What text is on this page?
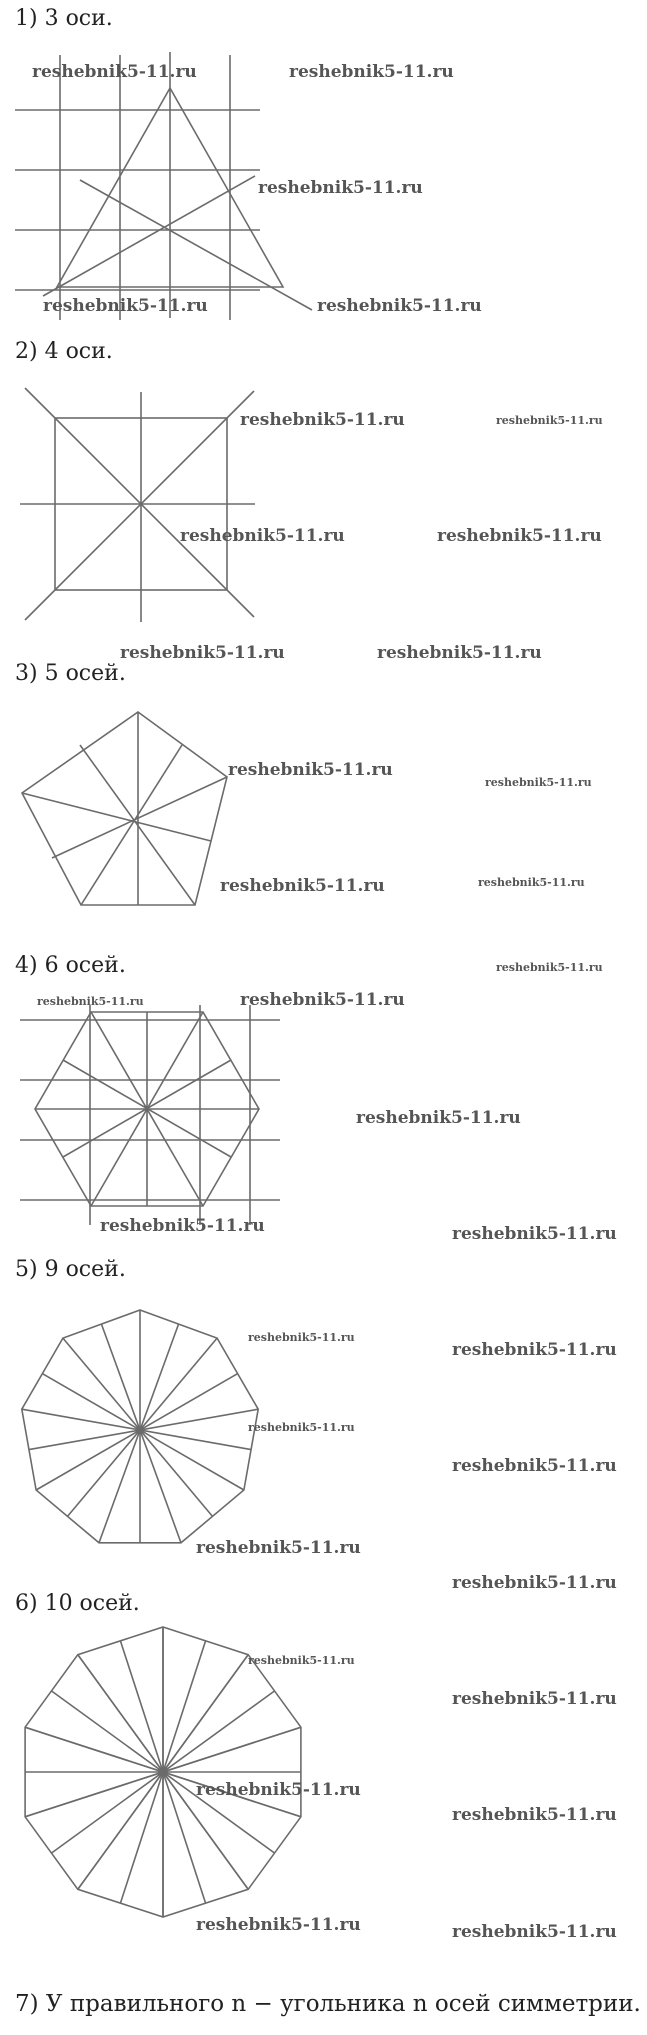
1) 3 оси.
2) 4 оси.
3) 5 осей.
4) 6 осей.
5) 9 осей.
6) 10 осей.
7) У правильного n − угольника n осей симметрии.
reshebnik5-11.ru	reshebnik5-11.ru
reshebnik5-11.ru
reshebnik5-11.ru	reshebnik5-11.ru
reshebnik5-11.ru	reshebnik5-11.ru
reshebnik5-11.ru	reshebnik5-11.ru
reshebnik5-11.ru	reshebnik5-11.ru
reshebnik5-11.ru
reshebnik5-11.ru
reshebnik5-11.ru	reshebnik5-11.ru
reshebnik5-11.ru
reshebnik5-11.ru	reshebnik5-11.ru
reshebnik5-11.ru
reshebnik5-11.ru	reshebnik5-11.ru
reshebnik5-11.ru
reshebnik5-11.ru
reshebnik5-11.ru
reshebnik5-11.ru
reshebnik5-11.ru
reshebnik5-11.ru
reshebnik5-11.ru
reshebnik5-11.ru
reshebnik5-11.ru
reshebnik5-11.ru
reshebnik5-11.ru	reshebnik5-11.ru
